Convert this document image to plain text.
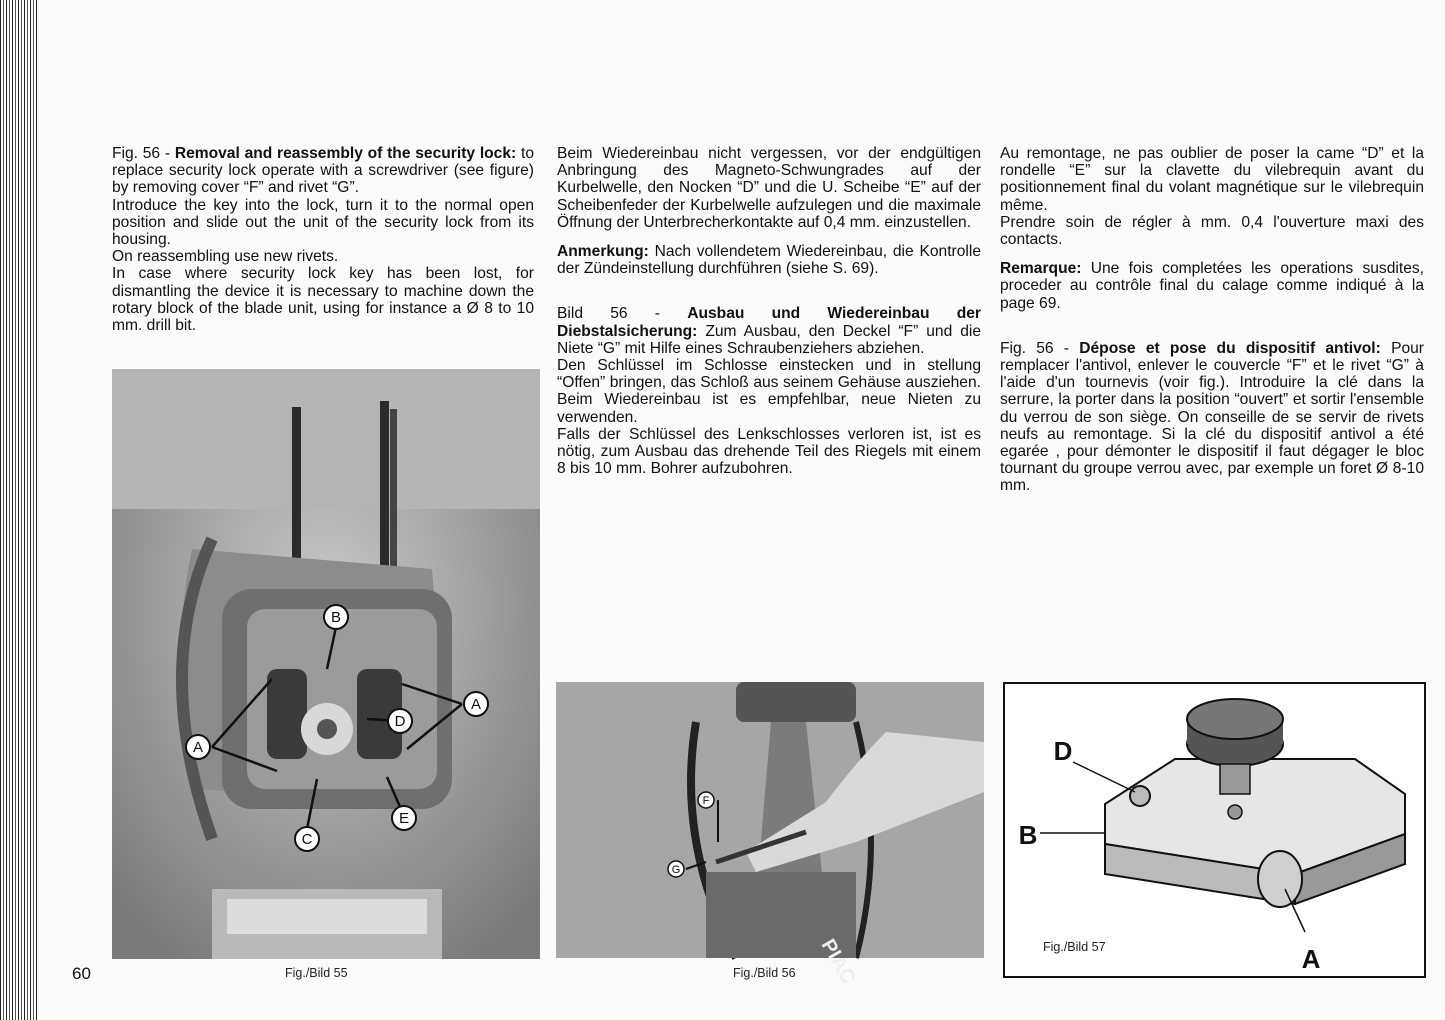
Fig. 56 - Removal and reassembly of the security lock: to replace security lock operate with a screwdriver (see figure) by removing cover “F” and rivet “G”.

Introduce the key into the lock, turn it to the normal open position and slide out the unit of the security lock from its housing.

On reassembling use new rivets.

In case where security lock key has been lost, for dismantling the device it is necessary to machine down the rotary block of the blade unit, using for instance a Ø 8 to 10 mm. drill bit.

Beim Wiedereinbau nicht vergessen, vor der endgültigen Anbringung des Magneto-Schwungrades auf der Kurbelwelle, den Nocken “D” und die U. Scheibe “E” auf der Scheibenfeder der Kurbelwelle aufzulegen und die maximale Öffnung der Unterbrecherkontakte auf 0,4 mm. einzustellen.

Anmerkung: Nach vollendetem Wiedereinbau, die Kontrolle der Zündeinstellung durchführen (siehe S. 69).

Bild 56 - Ausbau und Wiedereinbau der Diebstalsicherung: Zum Ausbau, den Deckel “F” und die Niete “G” mit Hilfe eines Schraubenziehers abziehen.

Den Schlüssel im Schlosse einstecken und in stellung “Offen” bringen, das Schloß aus seinem Gehäuse ausziehen. Beim Wiedereinbau ist es empfehlbar, neue Nieten zu verwenden.

Falls der Schlüssel des Lenkschlosses verloren ist, ist es nötig, zum Ausbau das drehende Teil des Riegels mit einem 8 bis 10 mm. Bohrer aufzubohren.

Au remontage, ne pas oublier de poser la came “D” et la rondelle “E” sur la clavette du vilebrequin avant du positionnement final du volant magnétique sur le vilebrequin même.

Prendre soin de régler à mm. 0,4 l'ouverture maxi des contacts.

Remarque: Une fois completées les operations susdites, proceder au contrôle final du calage comme indiqué à la page 69.

Fig. 56 - Dépose et pose du dispositif antivol: Pour remplacer l'antivol, enlever le couvercle “F” et le rivet “G” à l'aide d'un tournevis (voir fig.). Introduire la clé dans la serrure, la porter dans la position “ouvert” et sortir l'ensemble du verrou de son siège. On conseille de se servir de rivets neufs au remontage. Si la clé du dispositif antivol a été egarée , pour démonter le dispositif il faut dégager le bloc tournant du groupe verrou avec, par exemple un foret Ø 8-10 mm.

A
A
B
C
E
D
PIAC
F
G
D
B
A
Fig./Bild 55	Fig./Bild 56
Fig./Bild 57
60
